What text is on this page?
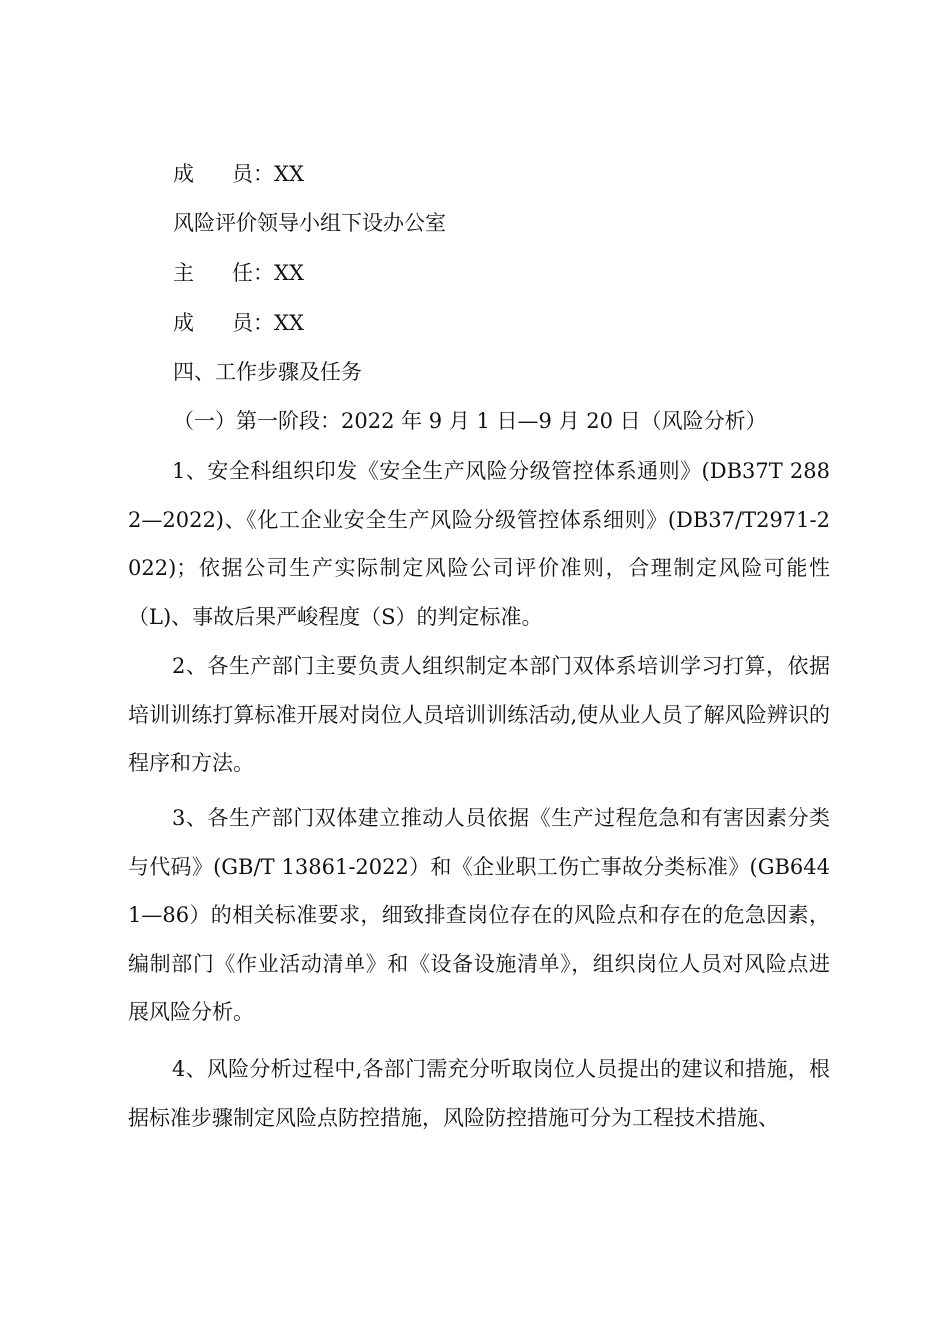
成 员：XX
风险评价领导小组下设办公室
主 任：XX
成 员：XX
四、工作步骤及任务
（一）第一阶段：2022 年 9 月 1 日—9 月 20 日（风险分析）
1、安全科组织印发《安全生产风险分级管控体系通则》(DB37T 2882—2022)、《化工企业安全生产风险分级管控体系细则》(DB37/T2971-2022)；依据公司生产实际制定风险公司评价准则，合理制定风险可能性（L)、事故后果严峻程度（S）的判定标准。
2、各生产部门主要负责人组织制定本部门双体系培训学习打算，依据培训训练打算标准开展对岗位人员培训训练活动,使从业人员了解风险辨识的程序和方法。
3、各生产部门双体建立推动人员依据《生产过程危急和有害因素分类与代码》(GB/T 13861-2022）和《企业职工伤亡事故分类标准》(GB6441—86）的相关标准要求，细致排查岗位存在的风险点和存在的危急因素，编制部门《作业活动清单》和《设备设施清单》，组织岗位人员对风险点进展风险分析。
4、风险分析过程中,各部门需充分听取岗位人员提出的建议和措施，根据标准步骤制定风险点防控措施，风险防控措施可分为工程技术措施、
